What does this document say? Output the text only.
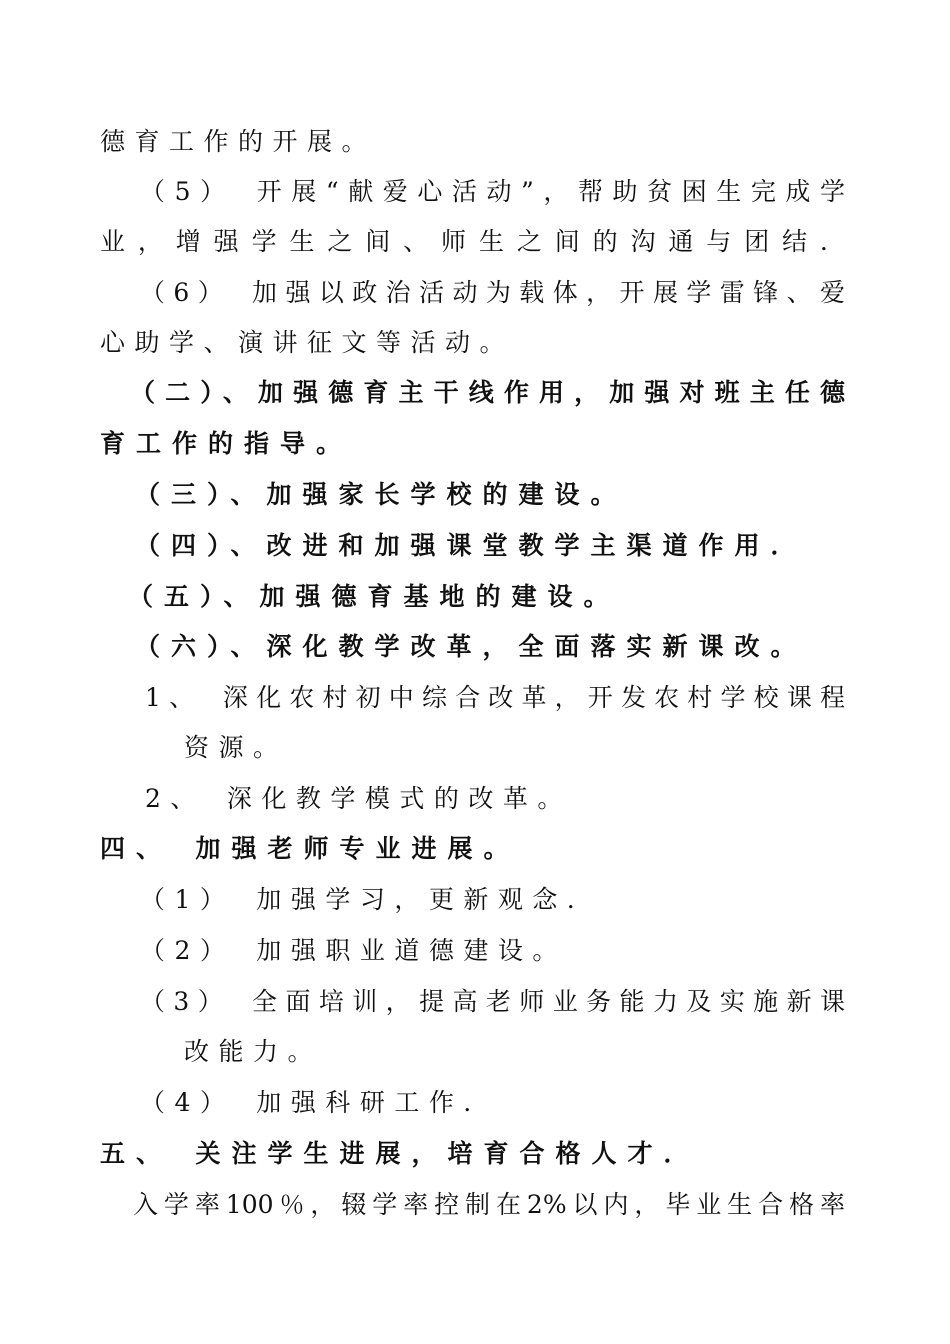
德育工作的开展。
（5）　开展“献爱心活动”，帮助贫困生完成学
业，增强学生之间、师生之间的沟通与团结．
（6）　加强以政治活动为载体，开展学雷锋、爱
心助学、演讲征文等活动。
（二）、加强德育主干线作用，加强对班主任德
育工作的指导。
（三）、加强家长学校的建设。
（四）、改进和加强课堂教学主渠道作用．
（五）、加强德育基地的建设。
（六）、深化教学改革，全面落实新课改。
1、　深化农村初中综合改革，开发农村学校课程
资源。
2、　深化教学模式的改革。
四、　加强老师专业进展。
（1）　加强学习，更新观念．
（2）　加强职业道德建设。
（3）　全面培训，提高老师业务能力及实施新课
改能力。
（4）　加强科研工作．
五、　关注学生进展，培育合格人才．
入学率100％，辍学率控制在2%以内，毕业生合格率
